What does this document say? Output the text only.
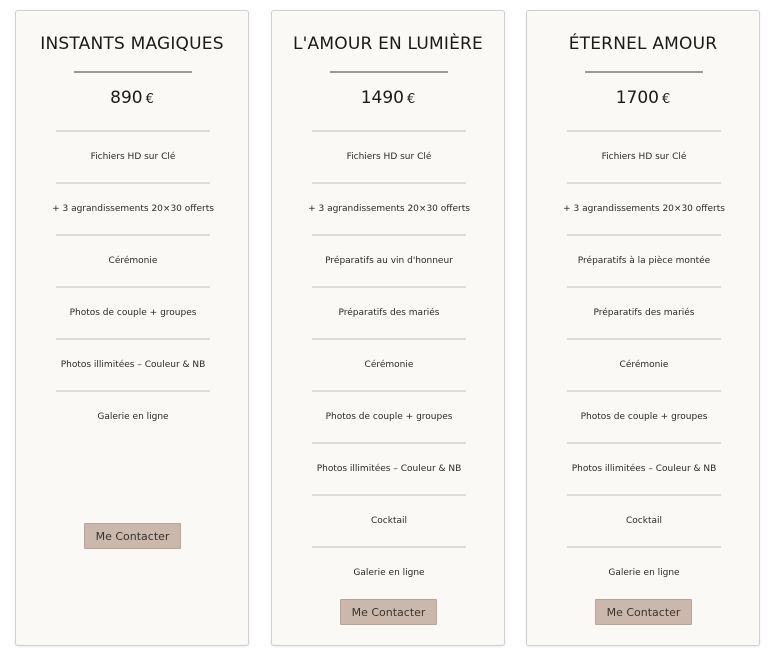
INSTANTS MAGIQUES
890 €
Fichiers HD sur Clé
+ 3 agrandissements 20×30 offerts
Cérémonie
Photos de couple + groupes
Photos illimitées – Couleur & NB
Galerie en ligne
Me Contacter
L'AMOUR EN LUMIÈRE
1490 €
Fichiers HD sur Clé
+ 3 agrandissements 20×30 offerts
Préparatifs au vin d'honneur
Préparatifs des mariés
Cérémonie
Photos de couple + groupes
Photos illimitées – Couleur & NB
Cocktail
Galerie en ligne
Me Contacter
ÉTERNEL AMOUR
1700 €
Fichiers HD sur Clé
+ 3 agrandissements 20×30 offerts
Préparatifs à la pièce montée
Préparatifs des mariés
Cérémonie
Photos de couple + groupes
Photos illimitées – Couleur & NB
Cocktail
Galerie en ligne
Me Contacter
